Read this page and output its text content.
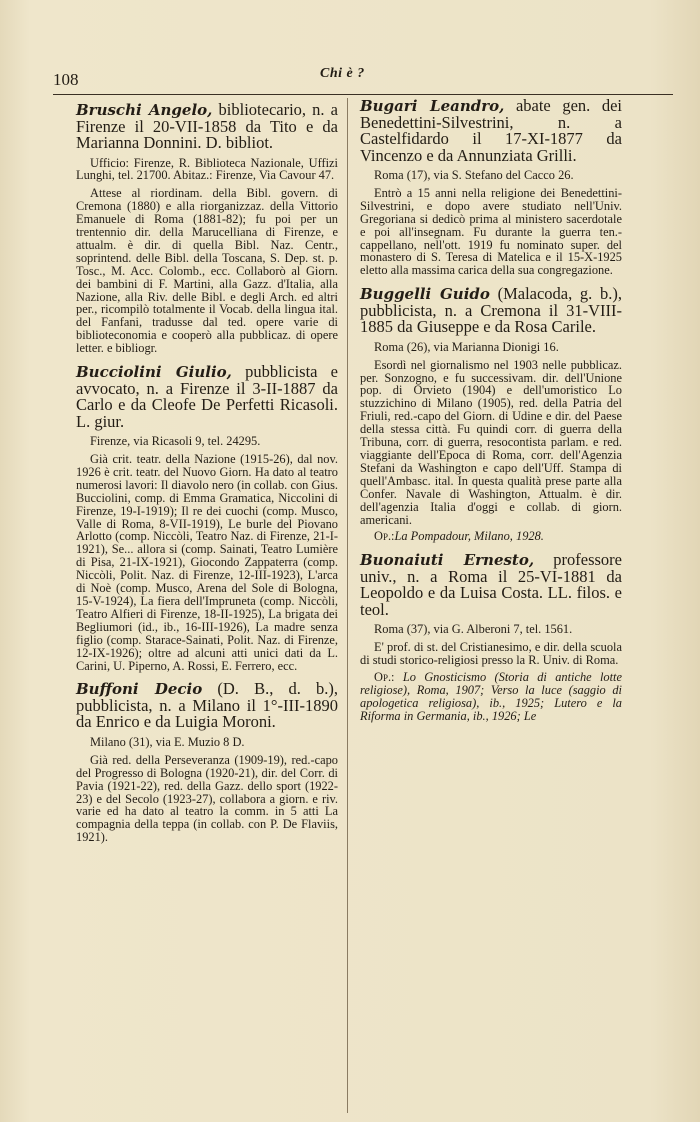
108	Chi è ?

Bruschi Angelo, bibliotecario, n. a Firenze il 20-VII-1858 da Tito e da Marianna Donnini. D. bibliot.

Ufficio: Firenze, R. Biblioteca Nazionale, Uffizi Lunghi, tel. 21700. Abitaz.: Firenze, Via Cavour 47.

Attese al riordinam. della Bibl. govern. di Cremona (1880) e alla riorganizzaz. della Vittorio Emanuele di Roma (1881-82); fu poi per un trentennio dir. della Marucelliana di Firenze, e attualm. è dir. di quella Bibl. Naz. Centr., soprintend. delle Bibl. della Toscana, S. Dep. st. p. Tosc., M. Acc. Colomb., ecc. Collaborò al Giorn. dei bambini di F. Martini, alla Gazz. d'Italia, alla Nazione, alla Riv. delle Bibl. e degli Arch. ed altri per., ricompilò totalmente il Vocab. della lingua ital. del Fanfani, tradusse dal ted. opere varie di biblioteconomia e cooperò alla pubblicaz. di opere letter. e bibliogr.

Bucciolini Giulio, pubblicista e avvocato, n. a Firenze il 3-II-1887 da Carlo e da Cleofe De Perfetti Ricasoli. L. giur.

Firenze, via Ricasoli 9, tel. 24295.

Già crit. teatr. della Nazione (1915-26), dal nov. 1926 è crit. teatr. del Nuovo Giorn. Ha dato al teatro numerosi lavori: Il diavolo nero (in collab. con Gius. Bucciolini, comp. di Emma Gramatica, Niccolini di Firenze, 19-I-1919); Il re dei cuochi (comp. Musco, Valle di Roma, 8-VII-1919), Le burle del Piovano Arlotto (comp. Niccòli, Teatro Naz. di Firenze, 21-I-1921), Se... allora si (comp. Sainati, Teatro Lumière di Pisa, 21-IX-1921), Giocondo Zappaterra (comp. Niccòli, Polit. Naz. di Firenze, 12-III-1923), L'arca di Noè (comp. Musco, Arena del Sole di Bologna, 15-V-1924), La fiera dell'Impruneta (comp. Niccòli, Teatro Alfieri di Firenze, 18-II-1925), La brigata dei Begliumori (id., ib., 16-III-1926), La madre senza figlio (comp. Starace-Sainati, Polit. Naz. di Firenze, 12-IX-1926); oltre ad alcuni atti unici dati da L. Carini, U. Piperno, A. Rossi, E. Ferrero, ecc.

Buffoni Decio (D. B., d. b.), pubblicista, n. a Milano il 1°-III-1890 da Enrico e da Luigia Moroni.

Milano (31), via E. Muzio 8 D.

Già red. della Perseveranza (1909-19), red.-capo del Progresso di Bologna (1920-21), dir. del Corr. di Pavia (1921-22), red. della Gazz. dello sport (1922-23) e del Secolo (1923-27), collabora a giorn. e riv. varie ed ha dato al teatro la comm. in 5 atti La compagnia della teppa (in collab. con P. De Flaviis, 1921).

Bugari Leandro, abate gen. dei Benedettini-Silvestrini, n. a Castelfidardo il 17-XI-1877 da Vincenzo e da Annunziata Grilli.

Roma (17), via S. Stefano del Cacco 26.

Entrò a 15 anni nella religione dei Benedettini-Silvestrini, e dopo avere studiato nell'Univ. Gregoriana si dedicò prima al ministero sacerdotale e poi all'insegnam. Fu durante la guerra ten.-cappellano, nell'ott. 1919 fu nominato super. del monastero di S. Teresa di Matelica e il 15-X-1925 eletto alla massima carica della sua congregazione.

Buggelli Guido (Malacoda, g. b.), pubblicista, n. a Cremona il 31-VIII-1885 da Giuseppe e da Rosa Carile.

Roma (26), via Marianna Dionigi 16.

Esordì nel giornalismo nel 1903 nelle pubblicaz. per. Sonzogno, e fu successivam. dir. dell'Unione pop. di Orvieto (1904) e dell'umoristico Lo stuzzichino di Milano (1905), red. della Patria del Friuli, red.-capo del Giorn. di Udine e dir. del Paese della stessa città. Fu quindi corr. di guerra della Tribuna, corr. di guerra, resocontista parlam. e red. viaggiante dell'Epoca di Roma, corr. dell'Agenzia Stefani da Washington e capo dell'Uff. Stampa di quell'Ambasc. ital. In questa qualità prese parte alla Confer. Navale di Washington, Attualm. è dir. dell'agenzia Italia d'oggi e collab. di giorn. americani.

Op.:La Pompadour, Milano, 1928.

Buonaiuti Ernesto, professore univ., n. a Roma il 25-VI-1881 da Leopoldo e da Luisa Costa. LL. filos. e teol.

Roma (37), via G. Alberoni 7, tel. 1561.

E' prof. di st. del Cristianesimo, e dir. della scuola di studi storico-religiosi presso la R. Univ. di Roma.

Op.: Lo Gnosticismo (Storia di antiche lotte religiose), Roma, 1907; Verso la luce (saggio di apologetica religiosa), ib., 1925; Lutero e la Riforma in Germania, ib., 1926; Le
